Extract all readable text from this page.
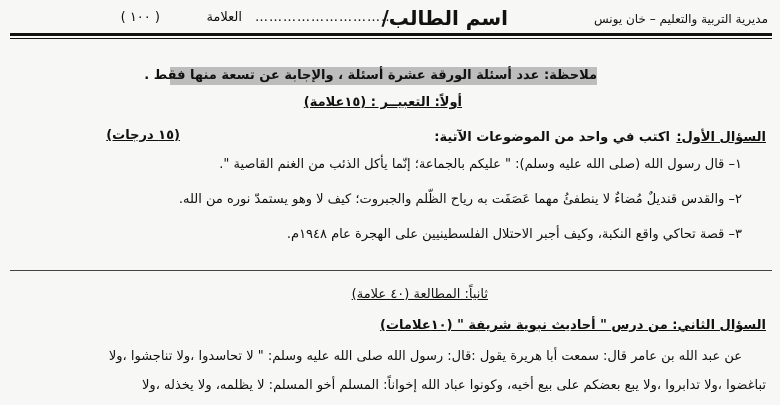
مديرية التربية والتعليم – خان يونس
اسم الطالب/
…………………………
العلامة
( ١٠٠ )
ملاحظة: عدد أسئلة الورقة عشرة أسئلة ، والإجابة عن تسعة منها فقط .
أولاً: التعبيــر : (١٥علامة)
السؤال الأول:
اكتب في واحد من الموضوعات الآتية:
(١٥ درجات)
١– قال رسول الله (صلى الله عليه وسلم): " عليكم بالجماعة؛ إنّما يأكل الذئب من الغنم القاصية ".
٢– والقدس قنديلٌ مُضاءٌ لا ينطفئُ مهما عَصَفَت به رياح الظّلم والجبروت؛ كيف لا وهو يستمدّ نوره من الله.
٣– قصة تحاكي واقع النكبة، وكيف أجبر الاحتلال الفلسطينيين على الهجرة عام ١٩٤٨م.
ثانياً: المطالعة (٤٠ علامة)
السؤال الثاني: من درس " أحاديث نبوية شريفة " (١٠علامات)
عن عبد الله بن عامر قال: سمعت أبا هريرة يقول :قال: رسول الله صلى الله عليه وسلم: " لا تحاسدوا ،ولا تناجشوا ،ولا
تباغضوا ،ولا تدابروا ،ولا يبع بعضكم على بيع أخيه، وكونوا عباد الله إخواناً: المسلم أخو المسلم: لا يظلمه، ولا يخذله ،ولا
